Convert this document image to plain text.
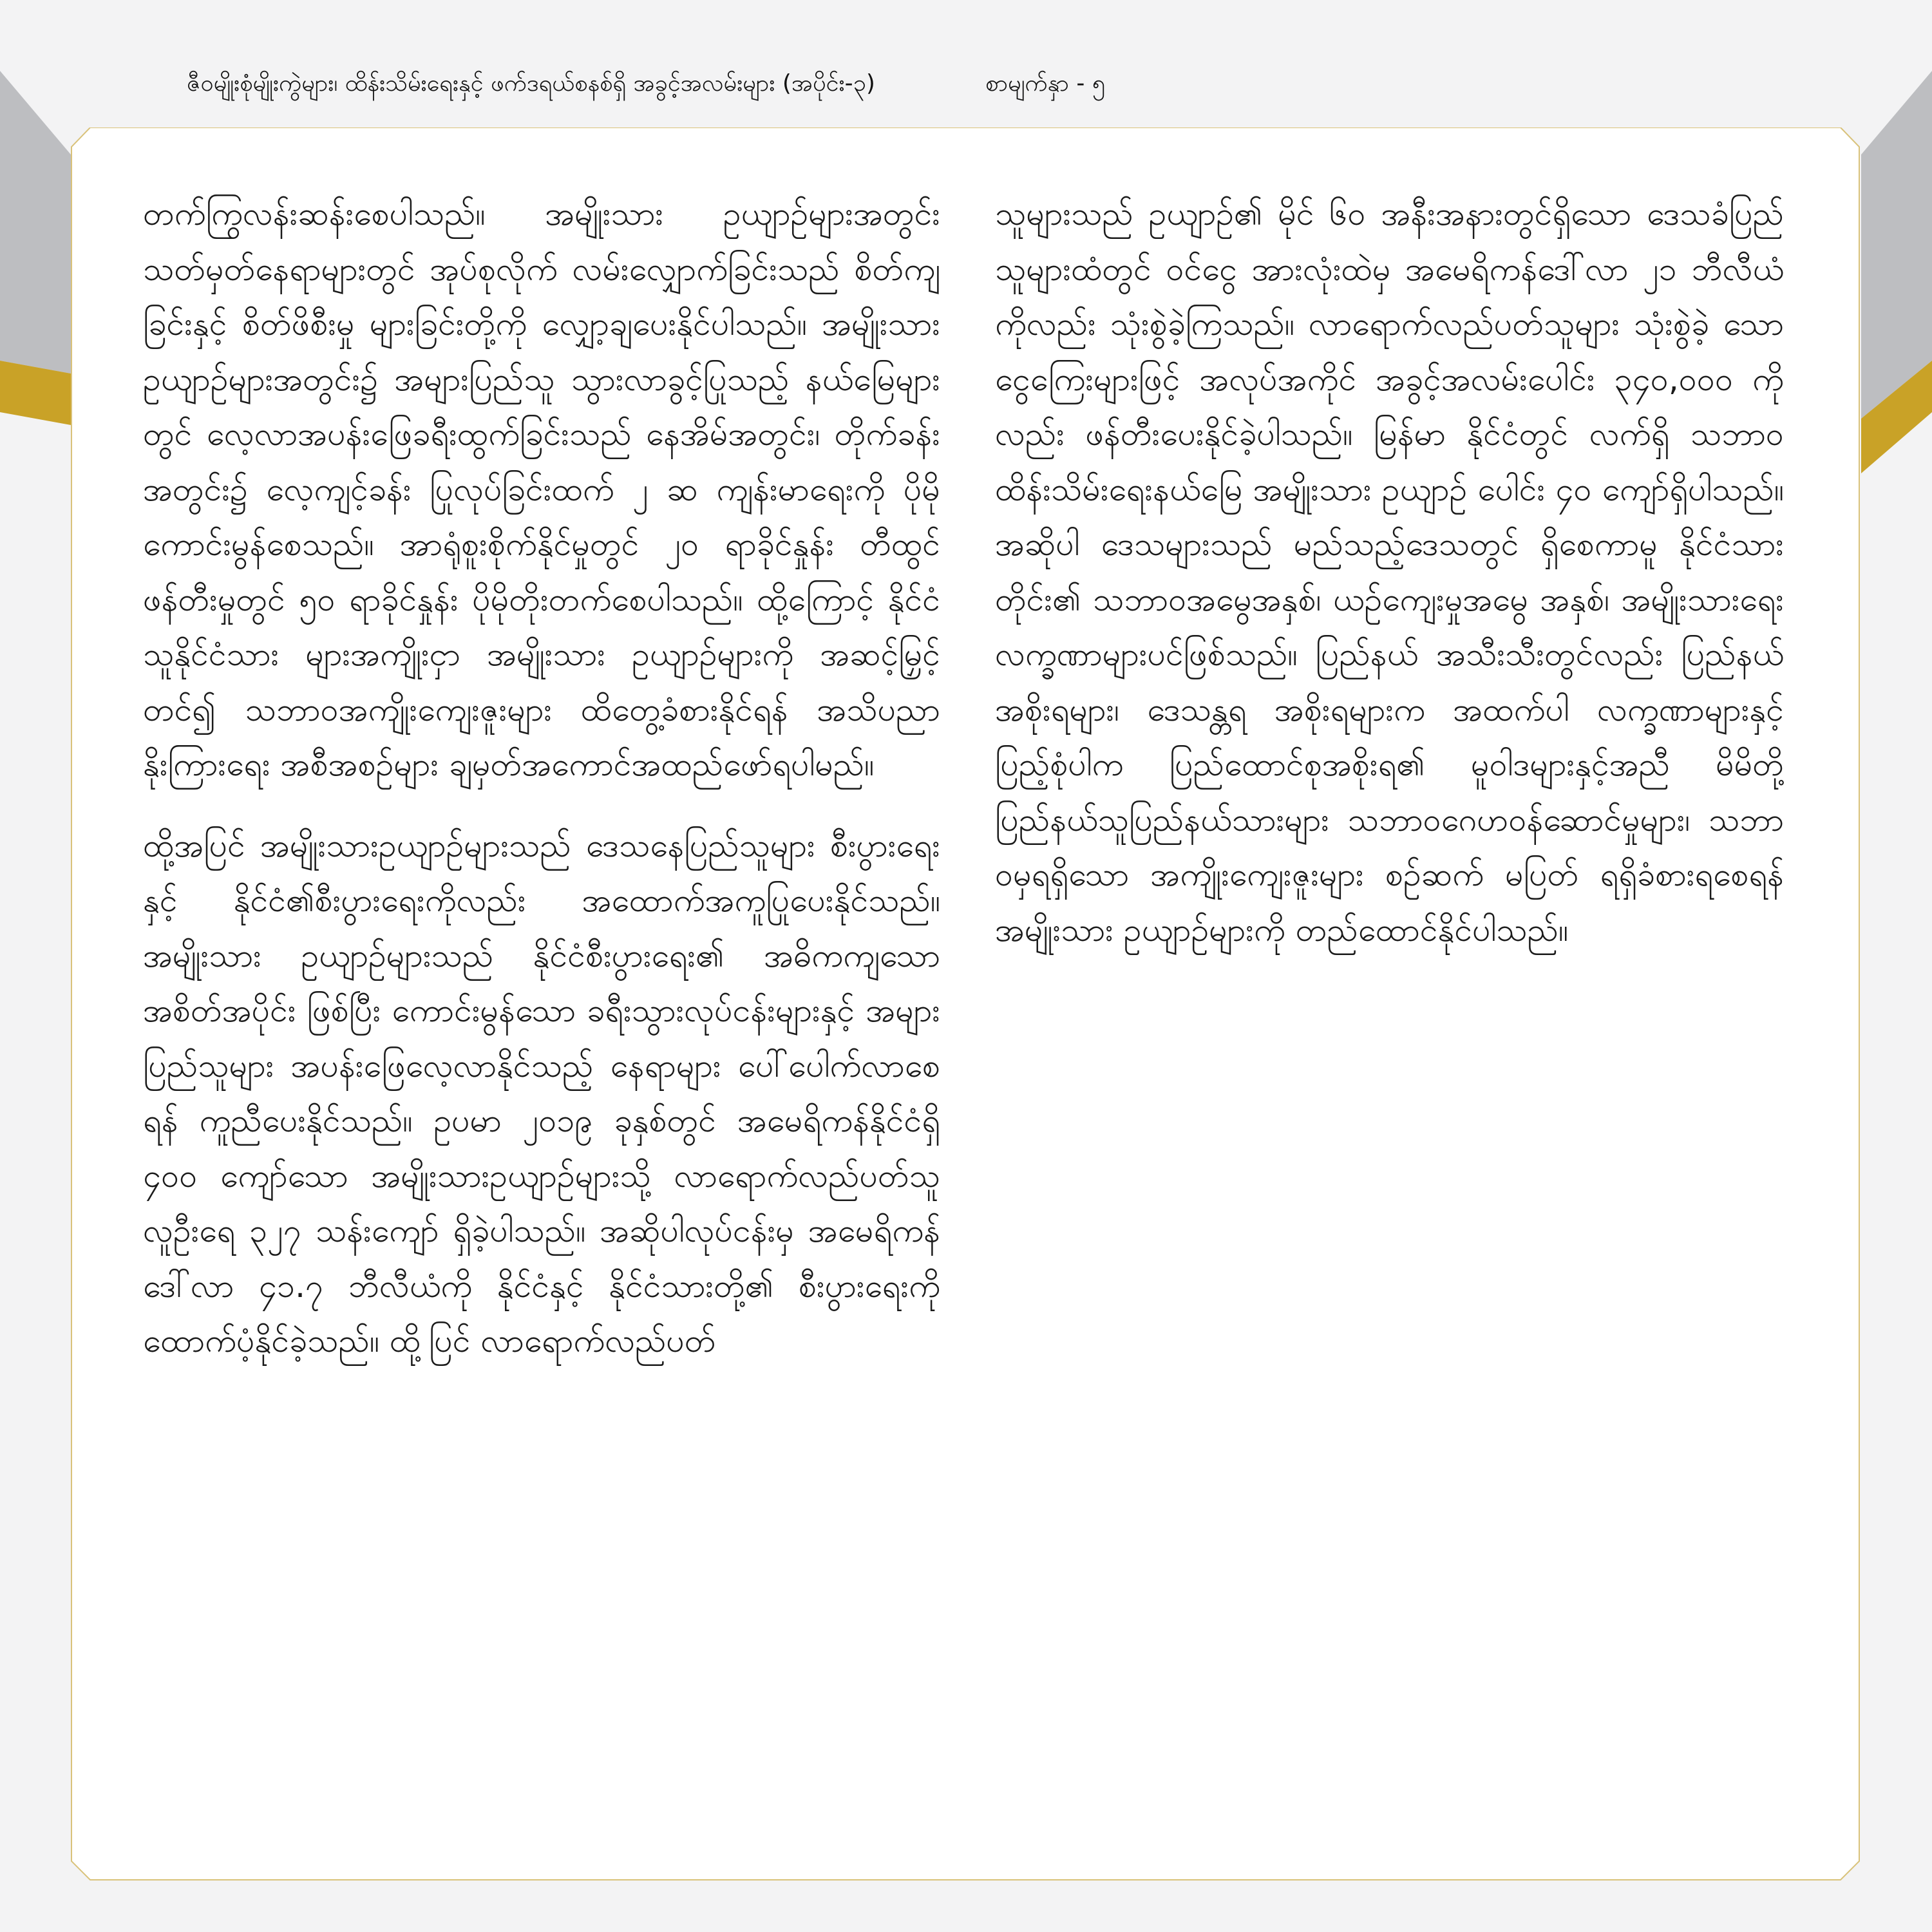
ဇီဝမျိုးစုံမျိုးကွဲများ၊ ထိန်းသိမ်းရေးနှင့် ဖက်ဒရယ်စနစ်ရှိ အခွင့်အလမ်းများ (အပိုင်း-၃)	စာမျက်နှာ - ၅

တက်ကြွလန်းဆန်းစေပါသည်။ အမျိုးသား ဥယျာဉ်များအတွင်း သတ်မှတ်နေရာများတွင် အုပ်စုလိုက် လမ်းလျှောက်ခြင်းသည် စိတ်ကျခြင်းနှင့် စိတ်ဖိစီးမှု များခြင်းတို့ကို လျှော့ချပေးနိုင်ပါသည်။ အမျိုးသား ဥယျာဉ်များအတွင်း၌ အများပြည်သူ သွားလာခွင့်ပြုသည့် နယ်မြေများတွင် လေ့လာအပန်းဖြေခရီးထွက်ခြင်းသည် နေအိမ်အတွင်း၊ တိုက်ခန်းအတွင်း၌ လေ့ကျင့်ခန်း ပြုလုပ်ခြင်းထက် ၂ ဆ ကျန်းမာရေးကို ပိုမိုကောင်းမွန်စေသည်။ အာရုံစူးစိုက်နိုင်မှုတွင် ၂၀ ရာခိုင်နှုန်း တီထွင် ဖန်တီးမှုတွင် ၅၀ ရာခိုင်နှုန်း ပိုမိုတိုးတက်စေပါသည်။ ထို့ကြောင့် နိုင်ငံသူနိုင်ငံသား များအကျိုးငှာ အမျိုးသား ဥယျာဉ်များကို အဆင့်မြှင့်တင်၍ သဘာဝအကျိုးကျေးဇူးများ ထိတွေ့ခံစားနိုင်ရန် အသိပညာနိုးကြားရေး အစီအစဉ်များ ချမှတ်အကောင်အထည်ဖော်ရပါမည်။

ထို့အပြင် အမျိုးသားဥယျာဉ်များသည် ဒေသနေပြည်သူများ စီးပွားရေးနှင့် နိုင်ငံ၏စီးပွားရေးကိုလည်း အထောက်အကူပြုပေးနိုင်သည်။ အမျိုးသား ဥယျာဉ်များသည် နိုင်ငံစီးပွားရေး၏ အဓိကကျသော အစိတ်အပိုင်း ဖြစ်ပြီး ကောင်းမွန်သော ခရီးသွားလုပ်ငန်းများနှင့် အများပြည်သူများ အပန်းဖြေလေ့လာနိုင်သည့် နေရာများ ပေါ်ပေါက်လာစေရန် ကူညီပေးနိုင်သည်။ ဥပမာ ၂၀၁၉ ခုနှစ်တွင် အမေရိကန်နိုင်ငံရှိ ၄၀၀ ကျော်သော အမျိုးသားဥယျာဉ်များသို့ လာရောက်လည်ပတ်သူ လူဦးရေ ၃၂၇ သန်းကျော် ရှိခဲ့ပါသည်။ အဆိုပါလုပ်ငန်းမှ အမေရိကန်ဒေါ်လာ ၄၁.၇ ဘီလီယံကို နိုင်ငံနှင့် နိုင်ငံသားတို့၏ စီးပွားရေးကို ထောက်ပံ့နိုင်ခဲ့သည်။ ထို့ပြင် လာရောက်လည်ပတ်

သူများသည် ဥယျာဉ်၏ မိုင် ၆၀ အနီးအနားတွင်ရှိသော ဒေသခံပြည်သူများထံတွင် ဝင်ငွေ အားလုံးထဲမှ အမေရိကန်ဒေါ်လာ ၂၁ ဘီလီယံကိုလည်း သုံးစွဲခဲ့ကြသည်။ လာရောက်လည်ပတ်သူများ သုံးစွဲခဲ့ သော ငွေကြေးများဖြင့် အလုပ်အကိုင် အခွင့်အလမ်းပေါင်း ၃၄၀,၀၀၀ ကိုလည်း ဖန်တီးပေးနိုင်ခဲ့ပါသည်။ မြန်မာ နိုင်ငံတွင် လက်ရှိ သဘာဝထိန်းသိမ်းရေးနယ်မြေ အမျိုးသား ဥယျာဉ် ပေါင်း ၄၀ ကျော်ရှိပါသည်။ အဆိုပါ ဒေသများသည် မည်သည့်ဒေသတွင် ရှိစေကာမူ နိုင်ငံသား တိုင်း၏ သဘာဝအမွေအနှစ်၊ ယဉ်ကျေးမှုအမွေ အနှစ်၊ အမျိုးသားရေးလက္ခဏာများပင်ဖြစ်သည်။ ပြည်နယ် အသီးသီးတွင်လည်း ပြည်နယ်အစိုးရများ၊ ဒေသန္တရ အစိုးရများက အထက်ပါ လက္ခဏာများနှင့် ပြည့်စုံပါက ပြည်ထောင်စုအစိုးရ၏ မူဝါဒများနှင့်အညီ မိမိတို့ ပြည်နယ်သူပြည်နယ်သားများ သဘာဝဂေဟဝန်ဆောင်မှုများ၊ သဘာဝမှရရှိသော အကျိုးကျေးဇူးများ စဉ်ဆက် မပြတ် ရရှိခံစားရစေရန် အမျိုးသား ဥယျာဉ်များကို တည်ထောင်နိုင်ပါသည်။
